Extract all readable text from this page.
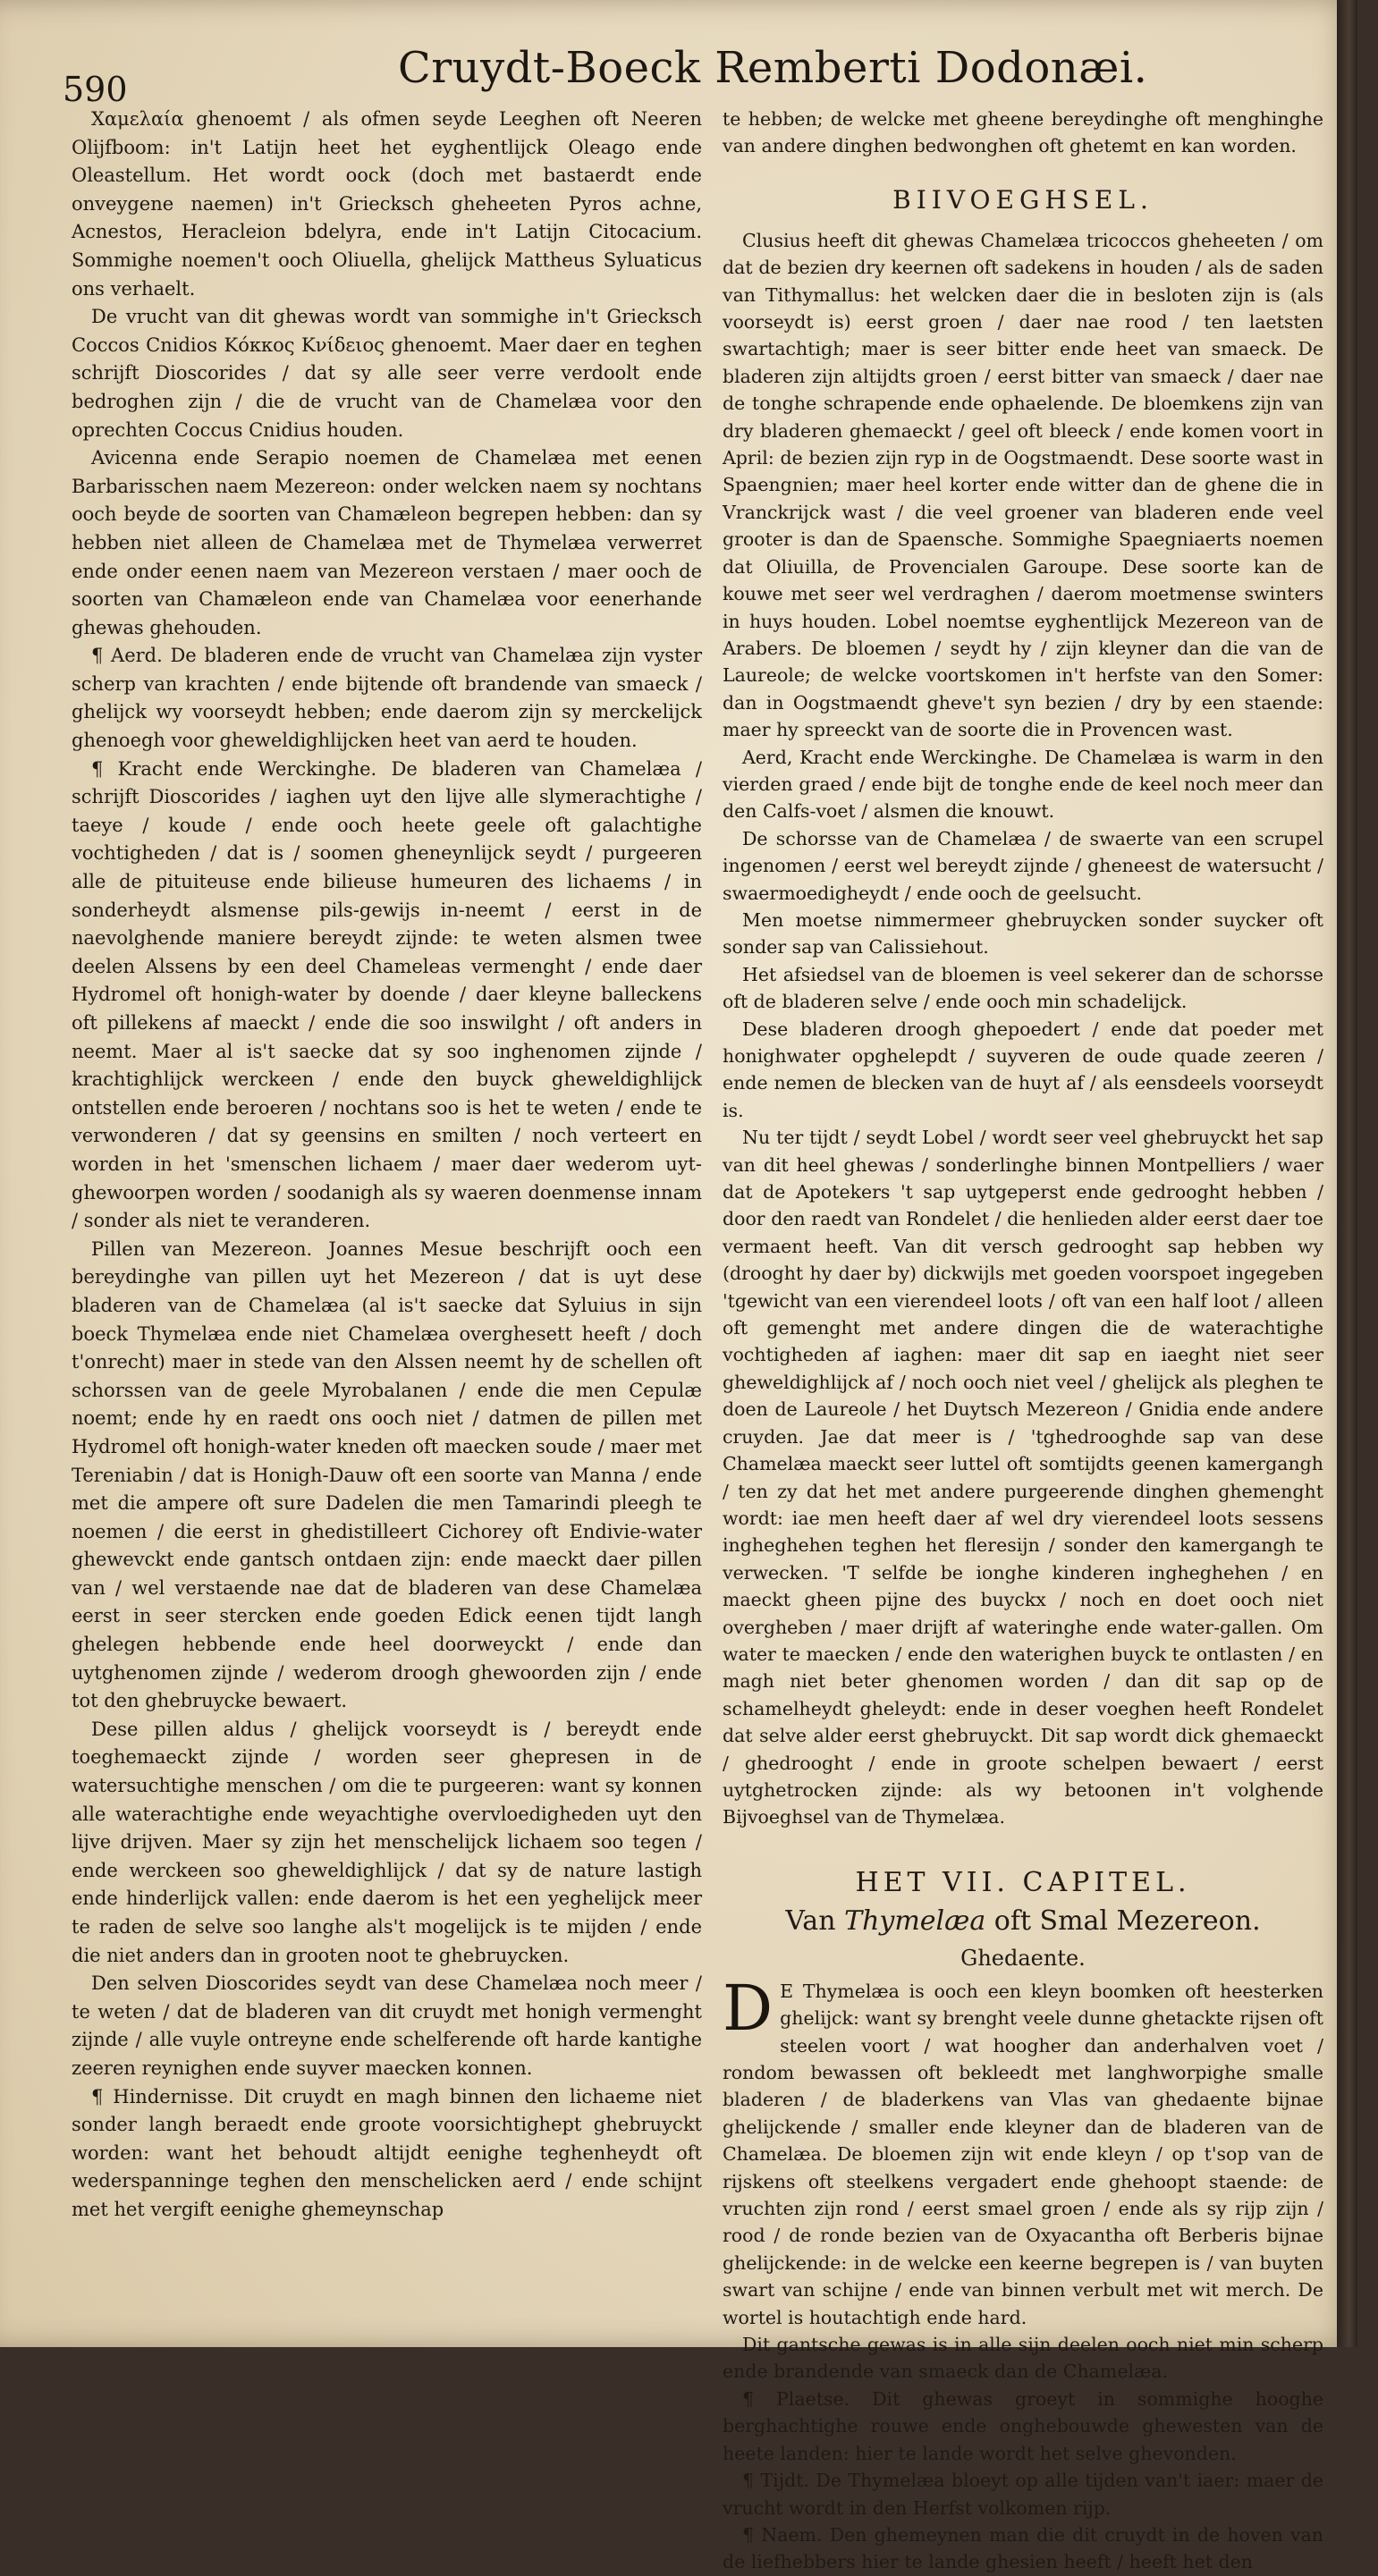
590	Cruydt-Boeck Remberti Dodonæi.

Χαμελαία ghenoemt / als ofmen seyde Leeghen oft Neeren Olijfboom: in't Latijn heet het eyghentlijck Oleago ende Oleastellum. Het wordt oock (doch met bastaerdt ende onveygene naemen) in't Griecksch gheheeten Pyros achne, Acnestos, Heracleion bdelyra, ende in't Latijn Citocacium. Sommighe noemen't ooch Oliuella, ghelijck Mattheus Syluaticus ons verhaelt.

De vrucht van dit ghewas wordt van sommighe in't Griecksch Coccos Cnidios Κόκκος Κνίδειος ghenoemt. Maer daer en teghen schrijft Dioscorides / dat sy alle seer verre verdoolt ende bedroghen zijn / die de vrucht van de Chamelæa voor den oprechten Coccus Cnidius houden.

Avicenna ende Serapio noemen de Chamelæa met eenen Barbarisschen naem Mezereon: onder welcken naem sy nochtans ooch beyde de soorten van Chamæleon begrepen hebben: dan sy hebben niet alleen de Chamelæa met de Thymelæa verwerret ende onder eenen naem van Mezereon verstaen / maer ooch de soorten van Chamæleon ende van Chamelæa voor eenerhande ghewas ghehouden.

¶ Aerd. De bladeren ende de vrucht van Chamelæa zijn vyster scherp van krachten / ende bijtende oft brandende van smaeck / ghelijck wy voorseydt hebben; ende daerom zijn sy merckelijck ghenoegh voor gheweldighlijcken heet van aerd te houden.

¶ Kracht ende Werckinghe. De bladeren van Chamelæa / schrijft Dioscorides / iaghen uyt den lijve alle slymerachtighe / taeye / koude / ende ooch heete geele oft galachtighe vochtigheden / dat is / soomen gheneynlijck seydt / purgeeren alle de pituiteuse ende bilieuse humeuren des lichaems / in sonderheydt alsmense pils-gewijs in-neemt / eerst in de naevolghende maniere bereydt zijnde: te weten alsmen twee deelen Alssens by een deel Chameleas vermenght / ende daer Hydromel oft honigh-water by doende / daer kleyne balleckens oft pillekens af maeckt / ende die soo inswilght / oft anders in neemt. Maer al is't saecke dat sy soo inghenomen zijnde / krachtighlijck werckeen / ende den buyck gheweldighlijck ontstellen ende beroeren / nochtans soo is het te weten / ende te verwonderen / dat sy geensins en smilten / noch verteert en worden in het 'smenschen lichaem / maer daer wederom uyt-ghewoorpen worden / soodanigh als sy waeren doenmense innam / sonder als niet te veranderen.

Pillen van Mezereon. Joannes Mesue beschrijft ooch een bereydinghe van pillen uyt het Mezereon / dat is uyt dese bladeren van de Chamelæa (al is't saecke dat Syluius in sijn boeck Thymelæa ende niet Chamelæa overghesett heeft / doch t'onrecht) maer in stede van den Alssen neemt hy de schellen oft schorssen van de geele Myrobalanen / ende die men Cepulæ noemt; ende hy en raedt ons ooch niet / datmen de pillen met Hydromel oft honigh-water kneden oft maecken soude / maer met Tereniabin / dat is Honigh-Dauw oft een soorte van Manna / ende met die ampere oft sure Dadelen die men Tamarindi pleegh te noemen / die eerst in ghedistilleert Cichorey oft Endivie-water ghewevckt ende gantsch ontdaen zijn: ende maeckt daer pillen van / wel verstaende nae dat de bladeren van dese Chamelæa eerst in seer stercken ende goeden Edick eenen tijdt langh ghelegen hebbende ende heel doorweyckt / ende dan uytghenomen zijnde / wederom droogh ghewoorden zijn / ende tot den ghebruycke bewaert.

Dese pillen aldus / ghelijck voorseydt is / bereydt ende toeghemaeckt zijnde / worden seer ghepresen in de watersuchtighe menschen / om die te purgeeren: want sy konnen alle waterachtighe ende weyachtighe overvloedigheden uyt den lijve drijven. Maer sy zijn het menschelijck lichaem soo tegen / ende werckeen soo gheweldighlijck / dat sy de nature lastigh ende hinderlijck vallen: ende daerom is het een yeghelijck meer te raden de selve soo langhe als't mogelijck is te mijden / ende die niet anders dan in grooten noot te ghebruycken.

Den selven Dioscorides seydt van dese Chamelæa noch meer / te weten / dat de bladeren van dit cruydt met honigh vermenght zijnde / alle vuyle ontreyne ende schelferende oft harde kantighe zeeren reynighen ende suyver maecken konnen.

¶ Hindernisse. Dit cruydt en magh binnen den lichaeme niet sonder langh beraedt ende groote voorsichtighept ghebruyckt worden: want het behoudt altijdt eenighe teghenheydt oft wederspanninge teghen den menschelicken aerd / ende schijnt met het vergift eenighe ghemeynschap

te hebben; de welcke met gheene bereydinghe oft menghinghe van andere dinghen bedwonghen oft ghetemt en kan worden.

BIIVOEGHSEL.

Clusius heeft dit ghewas Chamelæa tricoccos gheheeten / om dat de bezien dry keernen oft sadekens in houden / als de saden van Tithymallus: het welcken daer die in besloten zijn is (als voorseydt is) eerst groen / daer nae rood / ten laetsten swartachtigh; maer is seer bitter ende heet van smaeck. De bladeren zijn altijdts groen / eerst bitter van smaeck / daer nae de tonghe schrapende ende ophaelende. De bloemkens zijn van dry bladeren ghemaeckt / geel oft bleeck / ende komen voort in April: de bezien zijn ryp in de Oogstmaendt. Dese soorte wast in Spaengnien; maer heel korter ende witter dan de ghene die in Vranckrijck wast / die veel groener van bladeren ende veel grooter is dan de Spaensche. Sommighe Spaegniaerts noemen dat Oliuilla, de Provencialen Garoupe. Dese soorte kan de kouwe met seer wel verdraghen / daerom moetmense swinters in huys houden. Lobel noemtse eyghentlijck Mezereon van de Arabers. De bloemen / seydt hy / zijn kleyner dan die van de Laureole; de welcke voortskomen in't herfste van den Somer: dan in Oogstmaendt gheve't syn bezien / dry by een staende: maer hy spreeckt van de soorte die in Provencen wast.

Aerd, Kracht ende Werckinghe. De Chamelæa is warm in den vierden graed / ende bijt de tonghe ende de keel noch meer dan den Calfs-voet / alsmen die knouwt.

De schorsse van de Chamelæa / de swaerte van een scrupel ingenomen / eerst wel bereydt zijnde / gheneest de watersucht / swaermoedigheydt / ende ooch de geelsucht.

Men moetse nimmermeer ghebruycken sonder suycker oft sonder sap van Calissiehout.

Het afsiedsel van de bloemen is veel sekerer dan de schorsse oft de bladeren selve / ende ooch min schadelijck.

Dese bladeren droogh ghepoedert / ende dat poeder met honighwater opghelepdt / suyveren de oude quade zeeren / ende nemen de blecken van de huyt af / als eensdeels voorseydt is.

Nu ter tijdt / seydt Lobel / wordt seer veel ghebruyckt het sap van dit heel ghewas / sonderlinghe binnen Montpelliers / waer dat de Apotekers 't sap uytgeperst ende gedrooght hebben / door den raedt van Rondelet / die henlieden alder eerst daer toe vermaent heeft. Van dit versch gedrooght sap hebben wy (drooght hy daer by) dickwijls met goeden voorspoet ingegeben 'tgewicht van een vierendeel loots / oft van een half loot / alleen oft gemenght met andere dingen die de waterachtighe vochtigheden af iaghen: maer dit sap en iaeght niet seer gheweldighlijck af / noch ooch niet veel / ghelijck als pleghen te doen de Laureole / het Duytsch Mezereon / Gnidia ende andere cruyden. Jae dat meer is / 'tghedrooghde sap van dese Chamelæa maeckt seer luttel oft somtijdts geenen kamergangh / ten zy dat het met andere purgeerende dinghen ghemenght wordt: iae men heeft daer af wel dry vierendeel loots sessens ingheghehen teghen het fleresijn / sonder den kamergangh te verwecken. 'T selfde be ionghe kinderen ingheghehen / en maeckt gheen pijne des buyckx / noch en doet ooch niet overgheben / maer drijft af wateringhe ende water-gallen. Om water te maecken / ende den waterighen buyck te ontlasten / en magh niet beter ghenomen worden / dan dit sap op de schamelheydt gheleydt: ende in deser voeghen heeft Rondelet dat selve alder eerst ghebruyckt. Dit sap wordt dick ghemaeckt / ghedrooght / ende in groote schelpen bewaert / eerst uytghetrocken zijnde: als wy betoonen in't volghende Bijvoeghsel van de Thymelæa.

HET VII. CAPITEL.
Van Thymelæa oft Smal Mezereon.
Ghedaente.

D E Thymelæa is ooch een kleyn boomken oft heesterken ghelijck: want sy brenght veele dunne ghetackte rijsen oft steelen voort / wat hoogher dan anderhalven voet / rondom bewassen oft bekleedt met langhworpighe smalle bladeren / de bladerkens van Vlas van ghedaente bijnae ghelijckende / smaller ende kleyner dan de bladeren van de Chamelæa. De bloemen zijn wit ende kleyn / op t'sop van de rijskens oft steelkens vergadert ende ghehoopt staende: de vruchten zijn rond / eerst smael groen / ende als sy rijp zijn / rood / de ronde bezien van de Oxyacantha oft Berberis bijnae ghelijckende: in de welcke een keerne begrepen is / van buyten swart van schijne / ende van binnen verbult met wit merch. De wortel is houtachtigh ende hard.

Dit gantsche gewas is in alle sijn deelen ooch niet min scherp ende brandende van smaeck dan de Chamelæa.

¶ Plaetse. Dit ghewas groeyt in sommighe hooghe berghachtighe rouwe ende onghebouwde ghewesten van de heete landen: hier te lande wordt het selve ghevonden.

¶ Tijdt. De Thymelæa bloeyt op alle tijden van't iaer: maer de vrucht wordt in den Herfst volkomen rijp.

¶ Naem. Den ghemeynen man die dit cruydt in de hoven van de liefhebbers hier te lande ghesien heeft / heeft het den
